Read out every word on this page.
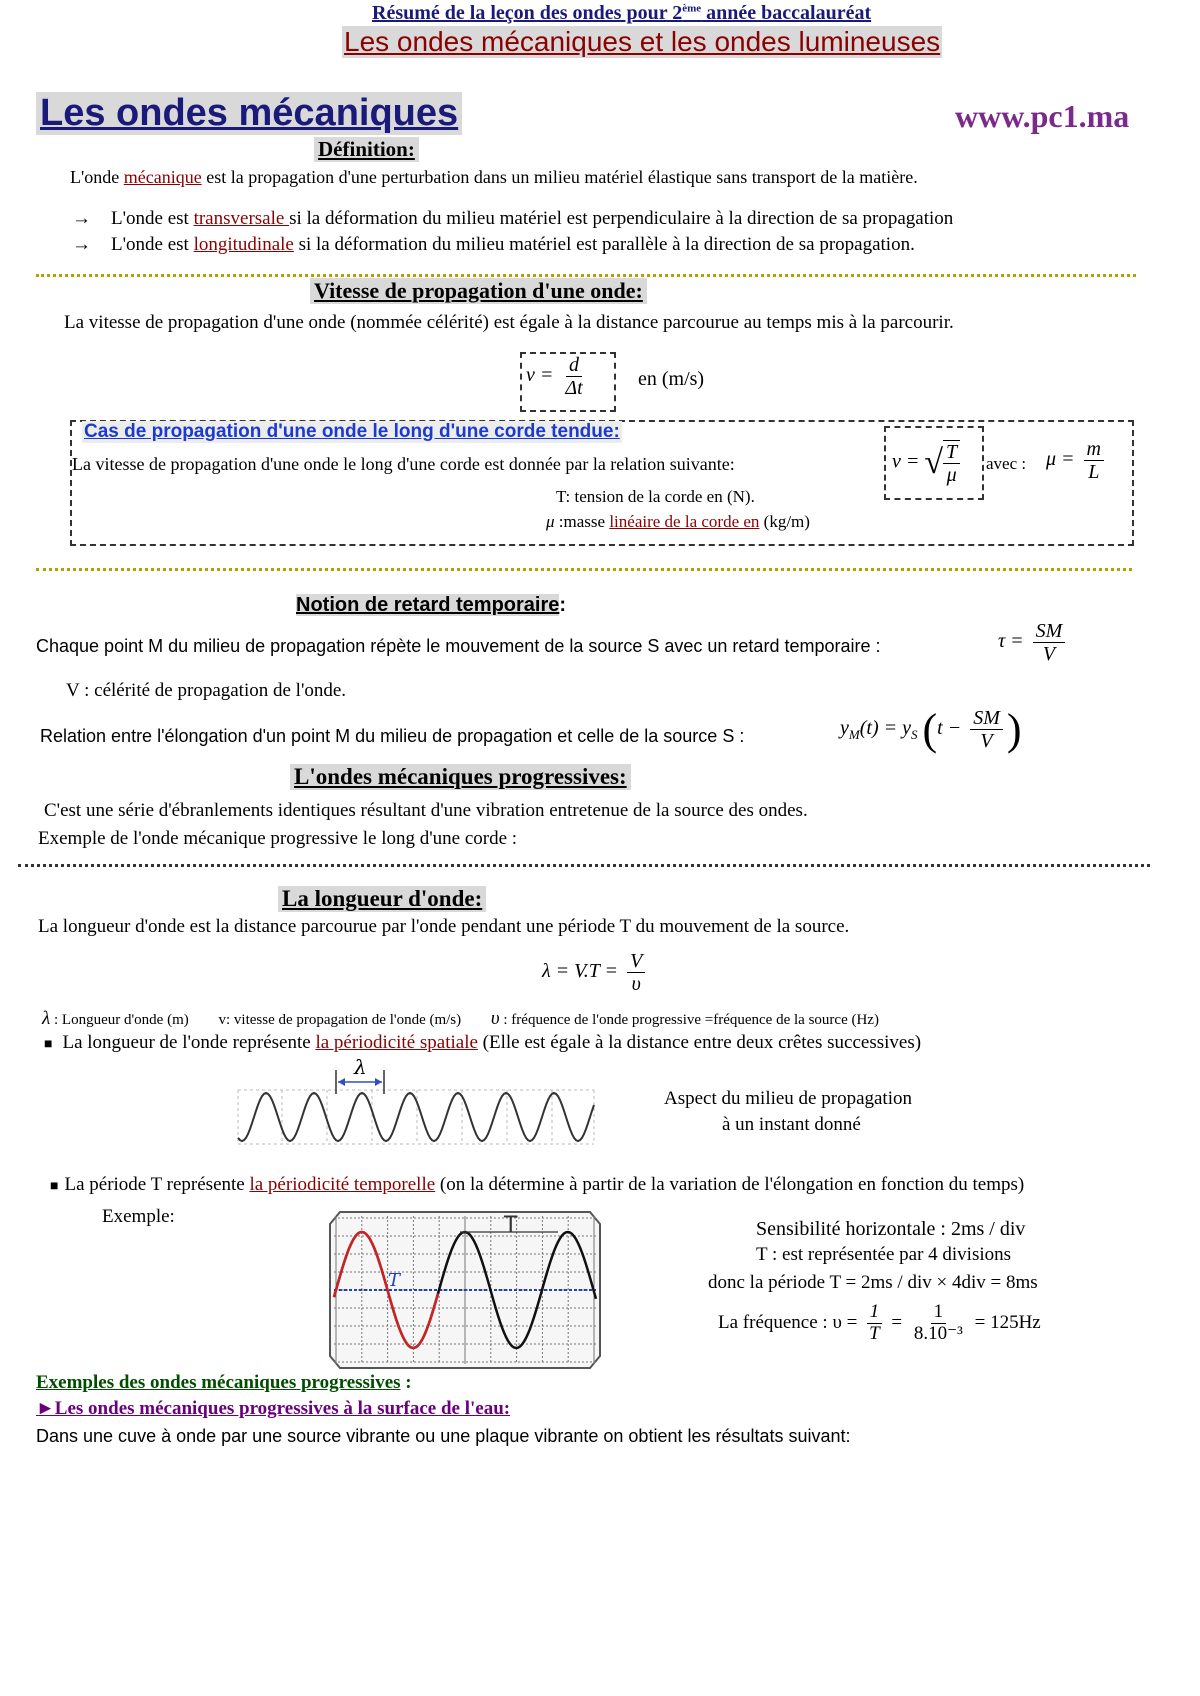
Résumé de la leçon des ondes pour 2ème année baccalauréat
Les ondes mécaniques et les ondes lumineuses
Les ondes mécaniques	www.pc1.ma
Définition:
L'onde mécanique est la propagation d'une perturbation dans un milieu matériel élastique sans transport de la matière.
→ L'onde est transversale si la déformation du milieu matériel est perpendiculaire à la direction de sa propagation
→ L'onde est longitudinale si la déformation du milieu matériel est parallèle à la direction de sa propagation.
Vitesse de propagation d'une onde:
La vitesse de propagation d'une onde (nommée célérité) est égale à la distance parcourue au temps mis à la parcourir.
$v = \frac{d}{\Delta t}$	en (m/s)
Cas de propagation d'une onde le long d'une corde tendue:
La vitesse de propagation d'une onde le long d'une corde est donnée par la relation suivante:	v = √ $\frac{T}{\mu}$ avec : $\mu = \frac{m}{L}$
T: tension de la corde en (N).
μ :masse linéaire de la corde en (kg/m)
Notion de retard temporaire:
Chaque point M du milieu de propagation répète le mouvement de la source S avec un retard temporaire :	$\tau = \frac{SM}{V}$
V : célérité de propagation de l'onde.
Relation entre l'élongation d'un point M du milieu de propagation et celle de la source S :	$y_M(t) = y_S$ ($t - \frac{SM}{V}$ )
L'ondes mécaniques progressives:
C'est une série d'ébranlements identiques résultant d'une vibration entretenue de la source des ondes.
Exemple de l'onde mécanique progressive le long d'une corde :
La longueur d'onde:
La longueur d'onde est la distance parcourue par l'onde pendant une période T du mouvement de la source.
$\lambda = V.T = \frac{V}{\upsilon}$
λ : Longueur d'onde (m) v: vitesse de propagation de l'onde (m/s) υ : fréquence de l'onde progressive =fréquence de la source (Hz)
■ La longueur de l'onde représente la périodicité spatiale (Elle est égale à la distance entre deux crêtes successives)
λ
Aspect du milieu de propagation
à un instant donné
■ La période T représente la périodicité temporelle (on la détermine à partir de la variation de l'élongation en fonction du temps)
Exemple:	T
T
Sensibilité horizontale : 2ms / div
T : est représentée par 4 divisions
donc la période T = 2ms / div × 4div = 8ms
La fréquence : $\upsilon = \frac{1}{T} = \frac{1}{\text{8.10⁻³}} = 125Hz$
Exemples des ondes mécaniques progressives :
►Les ondes mécaniques progressives à la surface de l'eau:
Dans une cuve à onde par une source vibrante ou une plaque vibrante on obtient les résultats suivant:
